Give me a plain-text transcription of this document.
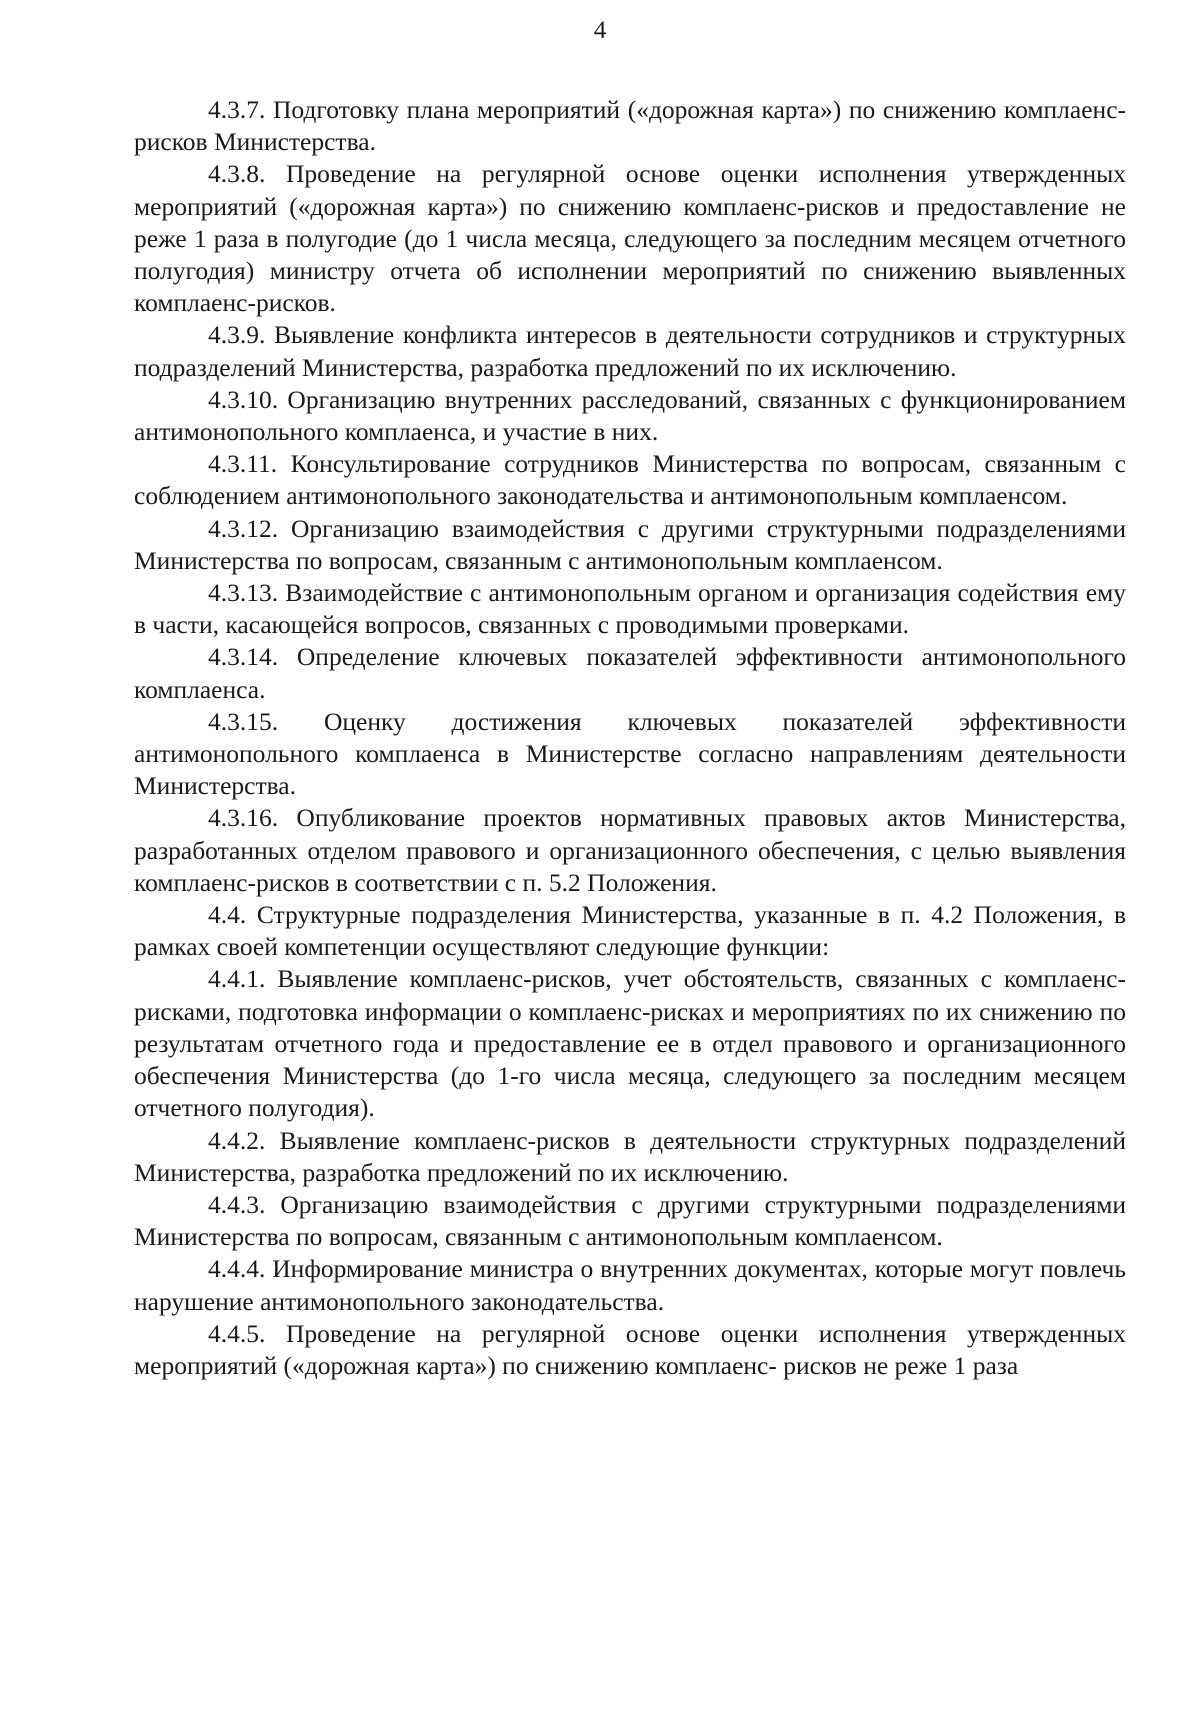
4

4.3.7. Подготовку плана мероприятий («дорожная карта») по снижению комплаенс-рисков Министерства.

4.3.8. Проведение на регулярной основе оценки исполнения утвержденных мероприятий («дорожная карта») по снижению комплаенс-рисков и предоставление не реже 1 раза в полугодие (до 1 числа месяца, следующего за последним месяцем отчетного полугодия) министру отчета об исполнении мероприятий по снижению выявленных комплаенс-рисков.

4.3.9. Выявление конфликта интересов в деятельности сотрудников и структурных подразделений Министерства, разработка предложений по их исключению.

4.3.10. Организацию внутренних расследований, связанных с функционированием антимонопольного комплаенса, и участие в них.

4.3.11. Консультирование сотрудников Министерства по вопросам, связанным с соблюдением антимонопольного законодательства и антимонопольным комплаенсом.

4.3.12. Организацию взаимодействия с другими структурными подразделениями Министерства по вопросам, связанным с антимонопольным комплаенсом.

4.3.13. Взаимодействие с антимонопольным органом и организация содействия ему в части, касающейся вопросов, связанных с проводимыми проверками.

4.3.14. Определение ключевых показателей эффективности антимонопольного комплаенса.

4.3.15. Оценку достижения ключевых показателей эффективности антимонопольного комплаенса в Министерстве согласно направлениям деятельности Министерства.

4.3.16. Опубликование проектов нормативных правовых актов Министерства, разработанных отделом правового и организационного обеспечения, с целью выявления комплаенс-рисков в соответствии с п. 5.2 Положения.

4.4. Структурные подразделения Министерства, указанные в п. 4.2 Положения, в рамках своей компетенции осуществляют следующие функции:

4.4.1. Выявление комплаенс-рисков, учет обстоятельств, связанных с комплаенс-рисками, подготовка информации о комплаенс-рисках и мероприятиях по их снижению по результатам отчетного года и предоставление ее в отдел правового и организационного обеспечения Министерства (до 1-го числа месяца, следующего за последним месяцем отчетного полугодия).

4.4.2. Выявление комплаенс-рисков в деятельности структурных подразделений Министерства, разработка предложений по их исключению.

4.4.3. Организацию взаимодействия с другими структурными подразделениями Министерства по вопросам, связанным с антимонопольным комплаенсом.

4.4.4. Информирование министра о внутренних документах, которые могут повлечь нарушение антимонопольного законодательства.

4.4.5. Проведение на регулярной основе оценки исполнения утвержденных мероприятий («дорожная карта») по снижению комплаенс- рисков не реже 1 раза
